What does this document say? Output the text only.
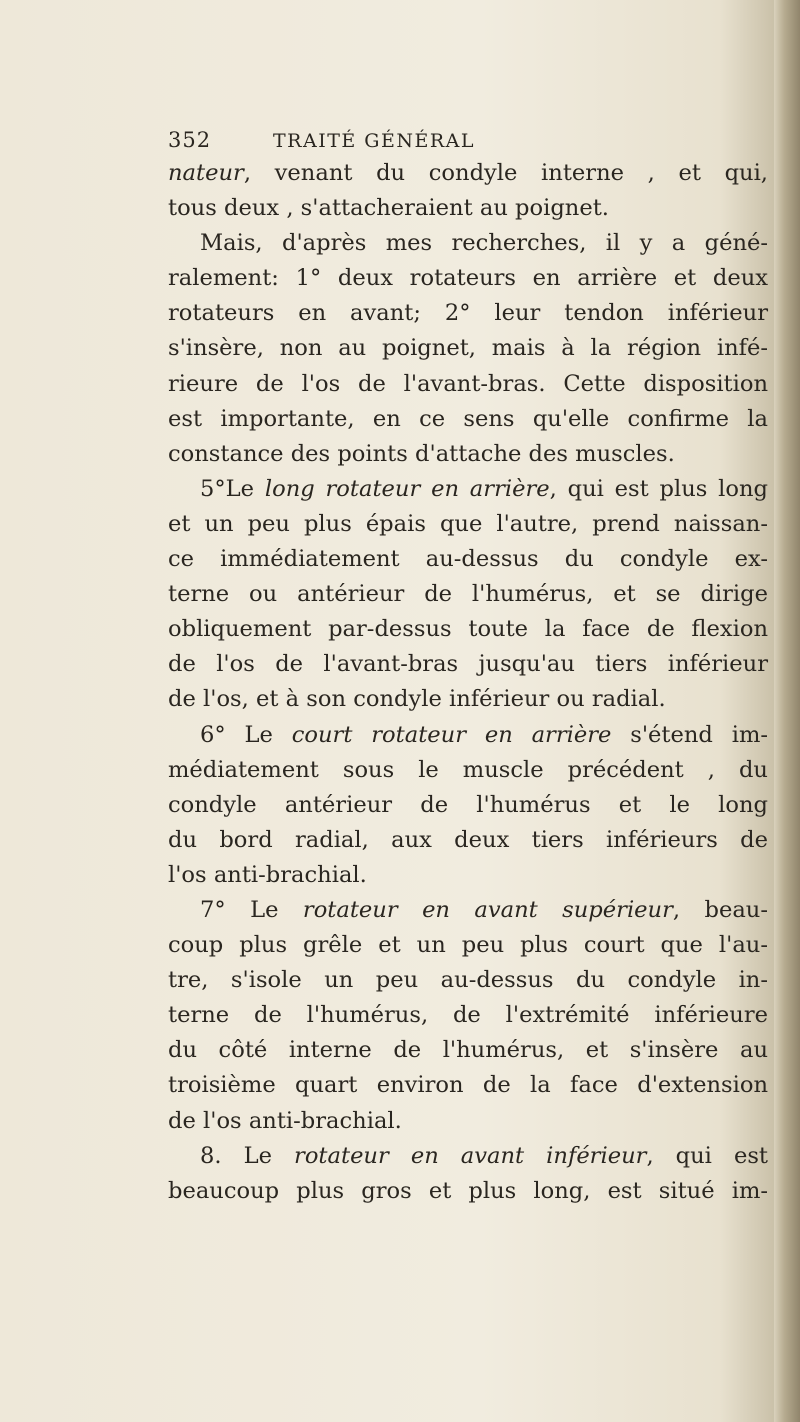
352	TRAITÉ GÉNÉRAL
nateur, venant du condyle interne , et qui,
tous deux , s'attacheraient au poignet.
Mais, d'après mes recherches, il y a géné-
ralement: 1° deux rotateurs en arrière et deux
rotateurs en avant; 2° leur tendon inférieur
s'insère, non au poignet, mais à la région infé-
rieure de l'os de l'avant-bras. Cette disposition
est importante, en ce sens qu'elle confirme la
constance des points d'attache des muscles.
5°Le long rotateur en arrière, qui est plus long
et un peu plus épais que l'autre, prend naissan-
ce immédiatement au-dessus du condyle ex-
terne ou antérieur de l'humérus, et se dirige
obliquement par-dessus toute la face de flexion
de l'os de l'avant-bras jusqu'au tiers inférieur
de l'os, et à son condyle inférieur ou radial.
6° Le court rotateur en arrière s'étend im-
médiatement sous le muscle précédent , du
condyle antérieur de l'humérus et le long
du bord radial, aux deux tiers inférieurs de
l'os anti-brachial.
7° Le rotateur en avant supérieur, beau-
coup plus grêle et un peu plus court que l'au-
tre, s'isole un peu au-dessus du condyle in-
terne de l'humérus, de l'extrémité inférieure
du côté interne de l'humérus, et s'insère au
troisième quart environ de la face d'extension
de l'os anti-brachial.
8. Le rotateur en avant inférieur, qui est
beaucoup plus gros et plus long, est situé im-
